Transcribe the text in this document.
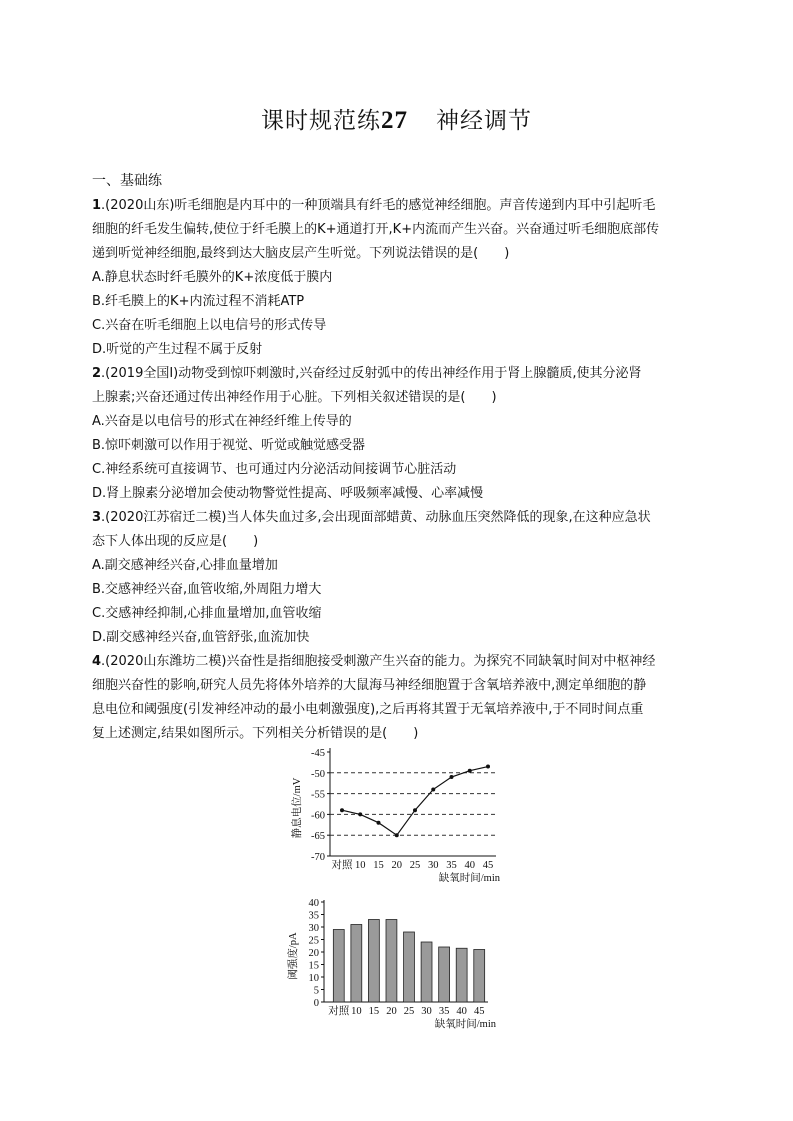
课时规范练27 神经调节
一、基础练
1.(2020山东)听毛细胞是内耳中的一种顶端具有纤毛的感觉神经细胞。声音传递到内耳中引起听毛
细胞的纤毛发生偏转,使位于纤毛膜上的K+通道打开,K+内流而产生兴奋。兴奋通过听毛细胞底部传
递到听觉神经细胞,最终到达大脑皮层产生听觉。下列说法错误的是(　　)
A.静息状态时纤毛膜外的K+浓度低于膜内
B.纤毛膜上的K+内流过程不消耗ATP
C.兴奋在听毛细胞上以电信号的形式传导
D.听觉的产生过程不属于反射
2.(2019全国Ⅰ)动物受到惊吓刺激时,兴奋经过反射弧中的传出神经作用于肾上腺髓质,使其分泌肾
上腺素;兴奋还通过传出神经作用于心脏。下列相关叙述错误的是(　　)
A.兴奋是以电信号的形式在神经纤维上传导的
B.惊吓刺激可以作用于视觉、听觉或触觉感受器
C.神经系统可直接调节、也可通过内分泌活动间接调节心脏活动
D.肾上腺素分泌增加会使动物警觉性提高、呼吸频率减慢、心率减慢
3.(2020江苏宿迁二模)当人体失血过多,会出现面部蜡黄、动脉血压突然降低的现象,在这种应急状
态下人体出现的反应是(　　)
A.副交感神经兴奋,心排血量增加
B.交感神经兴奋,血管收缩,外周阻力增大
C.交感神经抑制,心排血量增加,血管收缩
D.副交感神经兴奋,血管舒张,血流加快
4.(2020山东潍坊二模)兴奋性是指细胞接受刺激产生兴奋的能力。为探究不同缺氧时间对中枢神经
细胞兴奋性的影响,研究人员先将体外培养的大鼠海马神经细胞置于含氧培养液中,测定单细胞的静
息电位和阈强度(引发神经冲动的最小电刺激强度),之后再将其置于无氧培养液中,于不同时间点重
复上述测定,结果如图所示。下列相关分析错误的是(　　)
-45
-50
-55
-60
-65
-70
对照 10 15 20 25 30 35 40 45
缺氧时间/min
静息电位/mV
0
5
10
15
20
25
30
35
40
对照 10 15 20 25 30 35 40 45
缺氧时间/min
阈强度/pA
